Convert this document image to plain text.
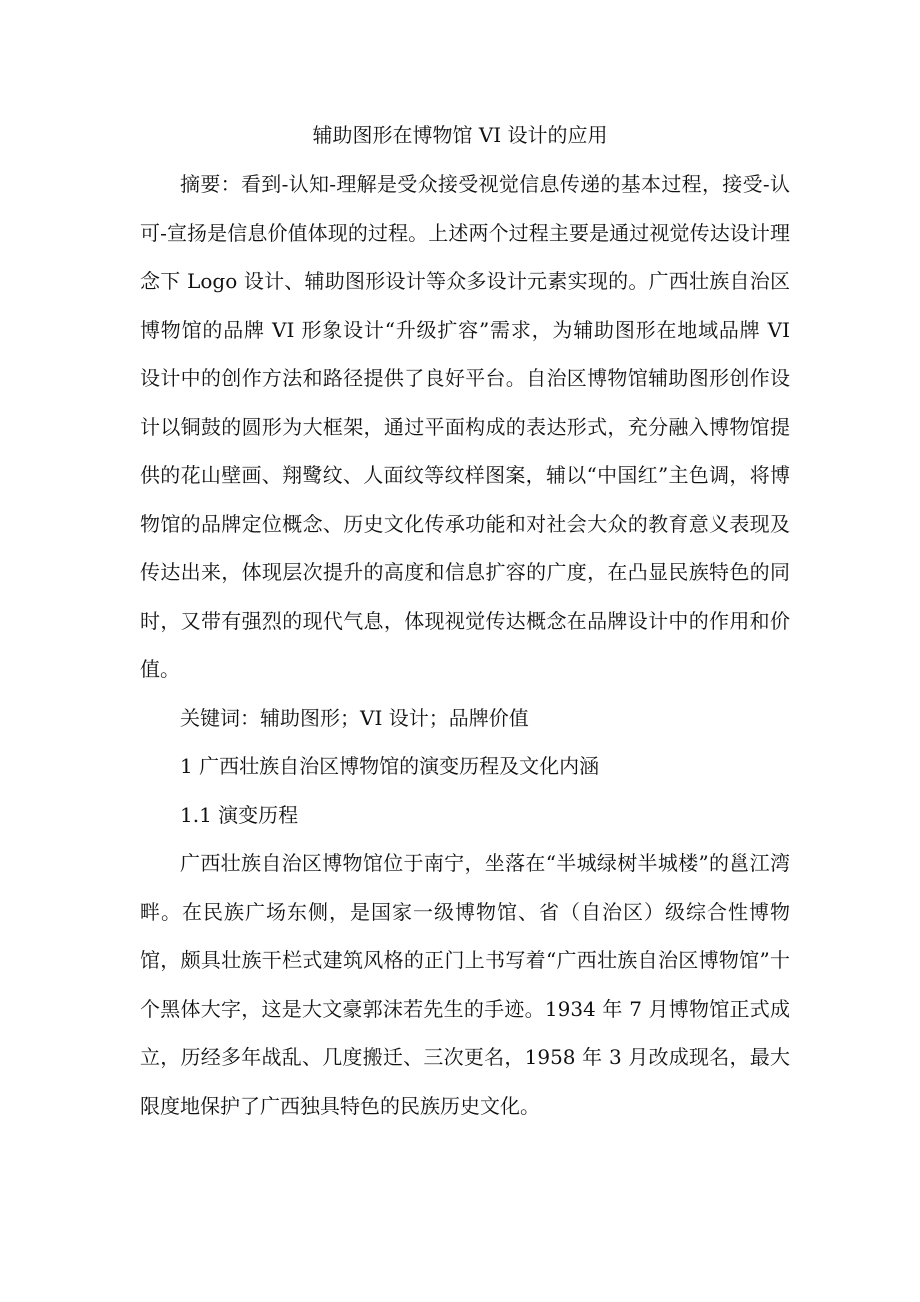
辅助图形在博物馆 VI 设计的应用

摘要：看到-认知-理解是受众接受视觉信息传递的基本过程，接受-认可-宣扬是信息价值体现的过程。上述两个过程主要是通过视觉传达设计理念下 Logo 设计、辅助图形设计等众多设计元素实现的。广西壮族自治区博物馆的品牌 VI 形象设计“升级扩容”需求，为辅助图形在地域品牌 VI 设计中的创作方法和路径提供了良好平台。自治区博物馆辅助图形创作设计以铜鼓的圆形为大框架，通过平面构成的表达形式，充分融入博物馆提供的花山壁画、翔鹭纹、人面纹等纹样图案，辅以“中国红”主色调，将博物馆的品牌定位概念、历史文化传承功能和对社会大众的教育意义表现及传达出来，体现层次提升的高度和信息扩容的广度，在凸显民族特色的同时，又带有强烈的现代气息，体现视觉传达概念在品牌设计中的作用和价值。

关键词：辅助图形；VI 设计；品牌价值

1 广西壮族自治区博物馆的演变历程及文化内涵

1.1 演变历程

广西壮族自治区博物馆位于南宁，坐落在“半城绿树半城楼”的邕江湾畔。在民族广场东侧，是国家一级博物馆、省（自治区）级综合性博物馆，颇具壮族干栏式建筑风格的正门上书写着“广西壮族自治区博物馆”十个黑体大字，这是大文豪郭沫若先生的手迹。1934 年 7 月博物馆正式成立，历经多年战乱、几度搬迁、三次更名，1958 年 3 月改成现名，最大限度地保护了广西独具特色的民族历史文化。
